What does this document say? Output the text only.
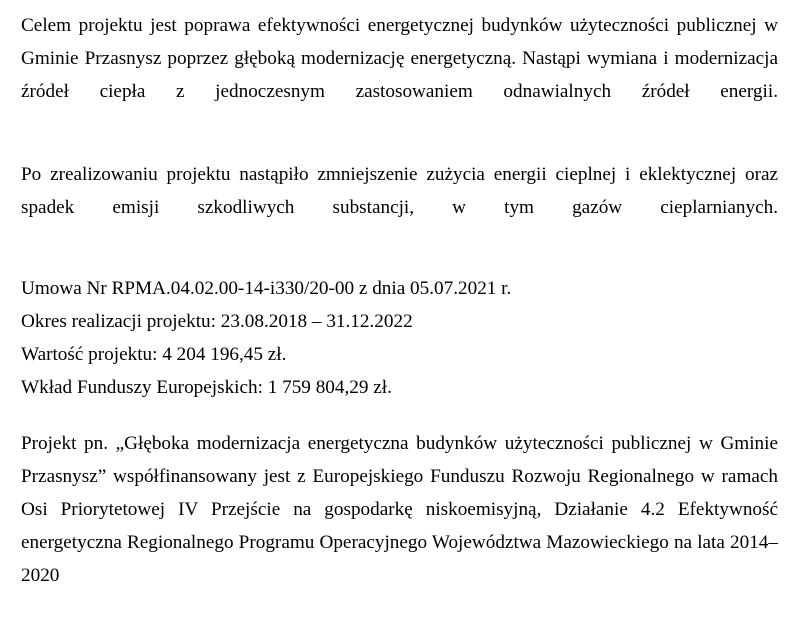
Celem projektu jest poprawa efektywności energetycznej budynków użyteczności publicznej w Gminie Przasnysz poprzez głęboką modernizację energetyczną. Nastąpi wymiana i modernizacja źródeł ciepła z jednoczesnym zastosowaniem odnawialnych źródeł energii.

Po zrealizowaniu projektu nastąpiło zmniejszenie zużycia energii cieplnej i eklektycznej oraz spadek emisji szkodliwych substancji, w tym gazów cieplarnianych.

Umowa Nr RPMA.04.02.00-14-i330/20-00 z dnia 05.07.2021 r.
Okres realizacji projektu: 23.08.2018 – 31.12.2022
Wartość projektu: 4 204 196,45 zł.
Wkład Funduszy Europejskich: 1 759 804,29 zł.

Projekt pn. „Głęboka modernizacja energetyczna budynków użyteczności publicznej w Gminie Przasnysz” współfinansowany jest z Europejskiego Funduszu Rozwoju Regionalnego w ramach Osi Priorytetowej IV Przejście na gospodarkę niskoemisyjną, Działanie 4.2 Efektywność energetyczna Regionalnego Programu Operacyjnego Województwa Mazowieckiego na lata 2014–2020
